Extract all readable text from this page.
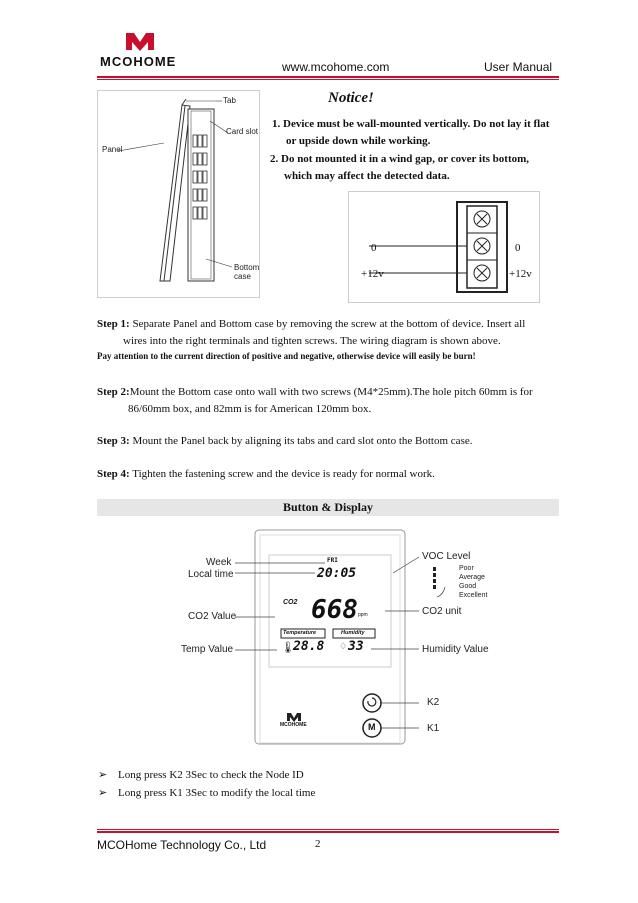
MCOHOME	www.mcohome.com	User Manual
Tab
Card slot
Panel
Bottom
case
Notice!
1. Device must be wall-mounted vertically. Do not lay it flat
or upside down while working.
2. Do not mounted it in a wind gap, or cover its bottom,
which may affect the detected data.
0
+12v
0
+12v
Step 1: Separate Panel and Bottom case by removing the screw at the bottom of device. Insert all
wires into the right terminals and tighten screws. The wiring diagram is shown above.
Pay attention to the current direction of positive and negative, otherwise device will easily be burn!
Step 2:Mount the Bottom case onto wall with two screws (M4*25mm).The hole pitch 60mm is for
86/60mm box, and 82mm is for American 120mm box.
Step 3: Mount the Panel back by aligning its tabs and card slot onto the Bottom case.
Step 4: Tighten the fastening screw and the device is ready for normal work.
Button & Display
Week
Local time
CO2 Value
Temp Value
VOC Level
Poor
Average
Good
Excellent
CO2 unit
Humidity Value
K2
K1
FRI
20:05
CO2 668 ppm
Temperature	Humidity
🌡
28.8 ♢ 33
M
MCOHOME
➢ Long press K2 3Sec to check the Node ID
➢ Long press K1 3Sec to modify the local time
MCOHome Technology Co., Ltd	2
